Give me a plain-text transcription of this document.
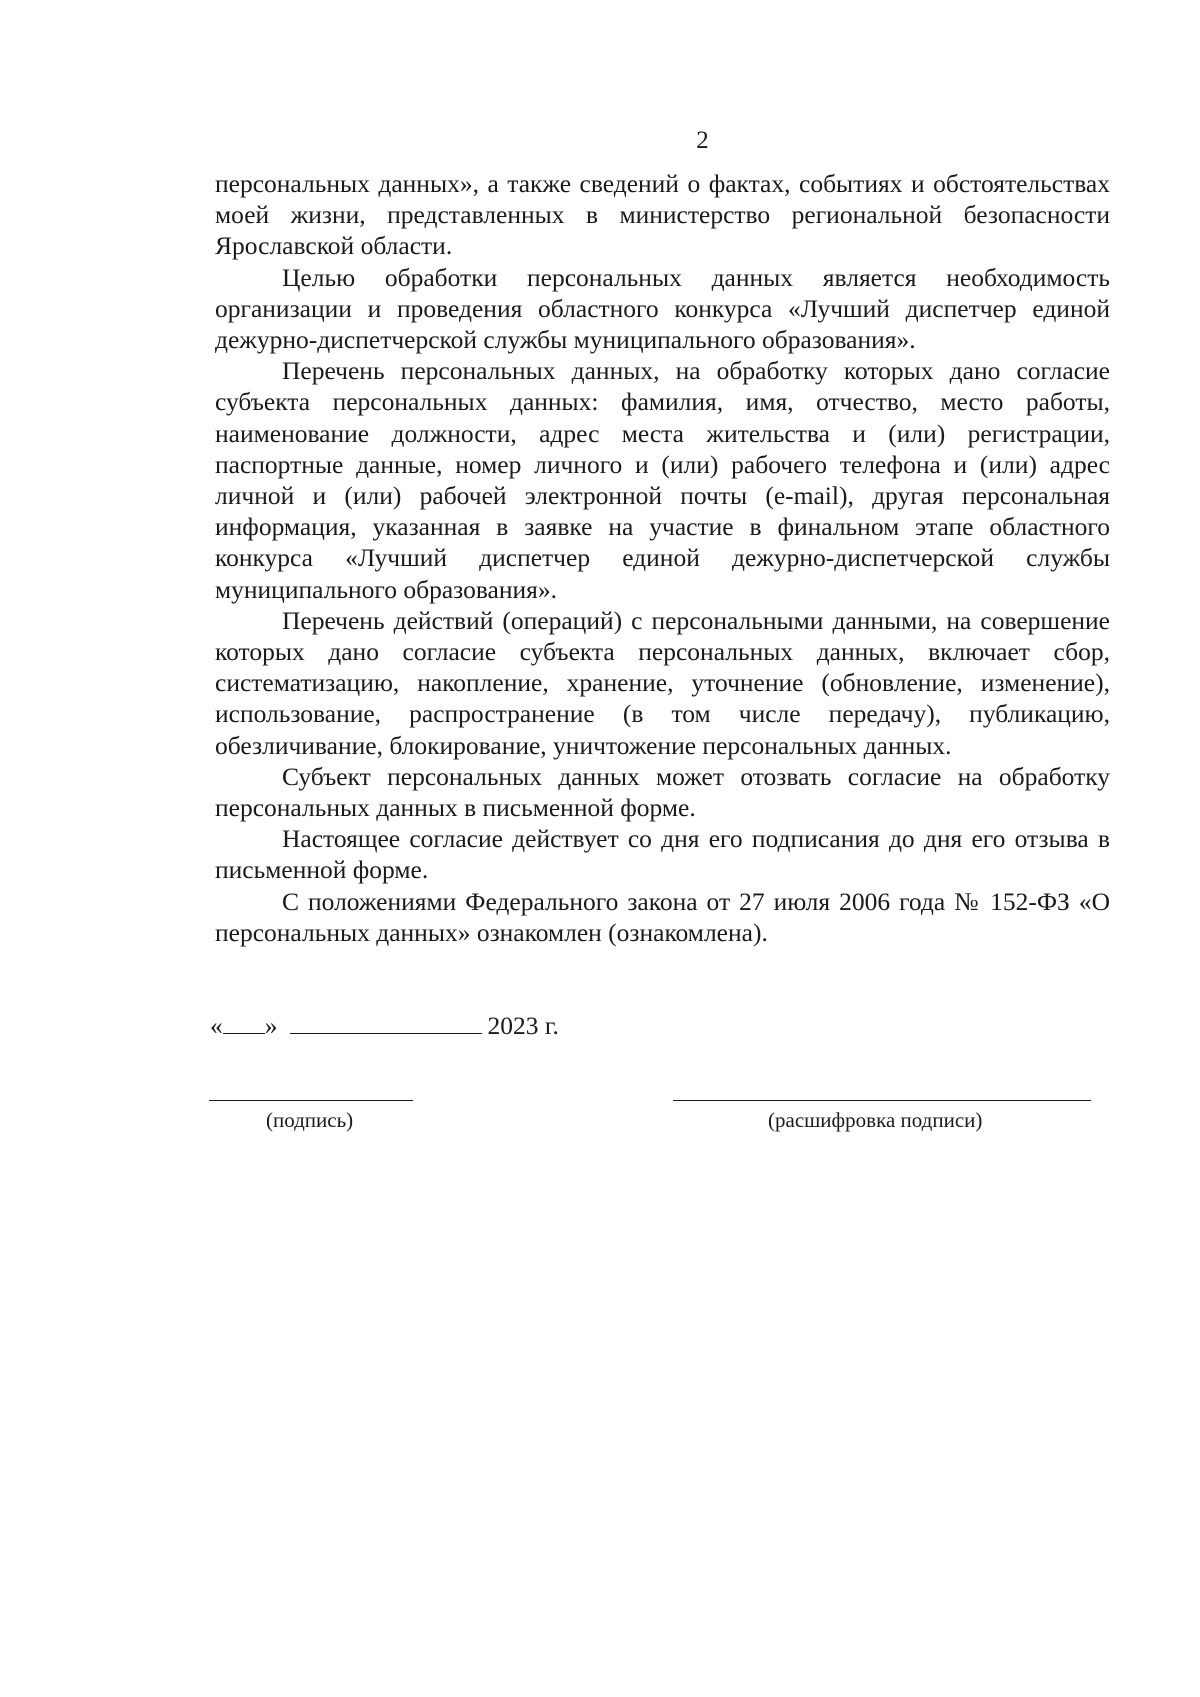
2

персональных данных», а также сведений о фактах, событиях и обстоятельствах моей жизни, представленных в министерство региональной безопасности Ярославской области.

Целью обработки персональных данных является необходимость организации и проведения областного конкурса «Лучший диспетчер единой дежурно-диспетчерской службы муниципального образования».

Перечень персональных данных, на обработку которых дано согласие субъекта персональных данных: фамилия, имя, отчество, место работы, наименование должности, адрес места жительства и (или) регистрации, паспортные данные, номер личного и (или) рабочего телефона и (или) адрес личной и (или) рабочей электронной почты (e-mail), другая персональная информация, указанная в заявке на участие в финальном этапе областного конкурса «Лучший диспетчер единой дежурно-диспетчерской службы муниципального образования».

Перечень действий (операций) с персональными данными, на совершение которых дано согласие субъекта персональных данных, включает сбор, систематизацию, накопление, хранение, уточнение (обновление, изменение), использование, распространение (в том числе передачу), публикацию, обезличивание, блокирование, уничтожение персональных данных.

Субъект персональных данных может отозвать согласие на обработку персональных данных в письменной форме.

Настоящее согласие действует со дня его подписания до дня его отзыва в письменной форме.

С положениями Федерального закона от 27 июля 2006 года № 152-ФЗ «О персональных данных» ознакомлен (ознакомлена).

« »	2023 г.
(подпись)	(расшифровка подписи)
